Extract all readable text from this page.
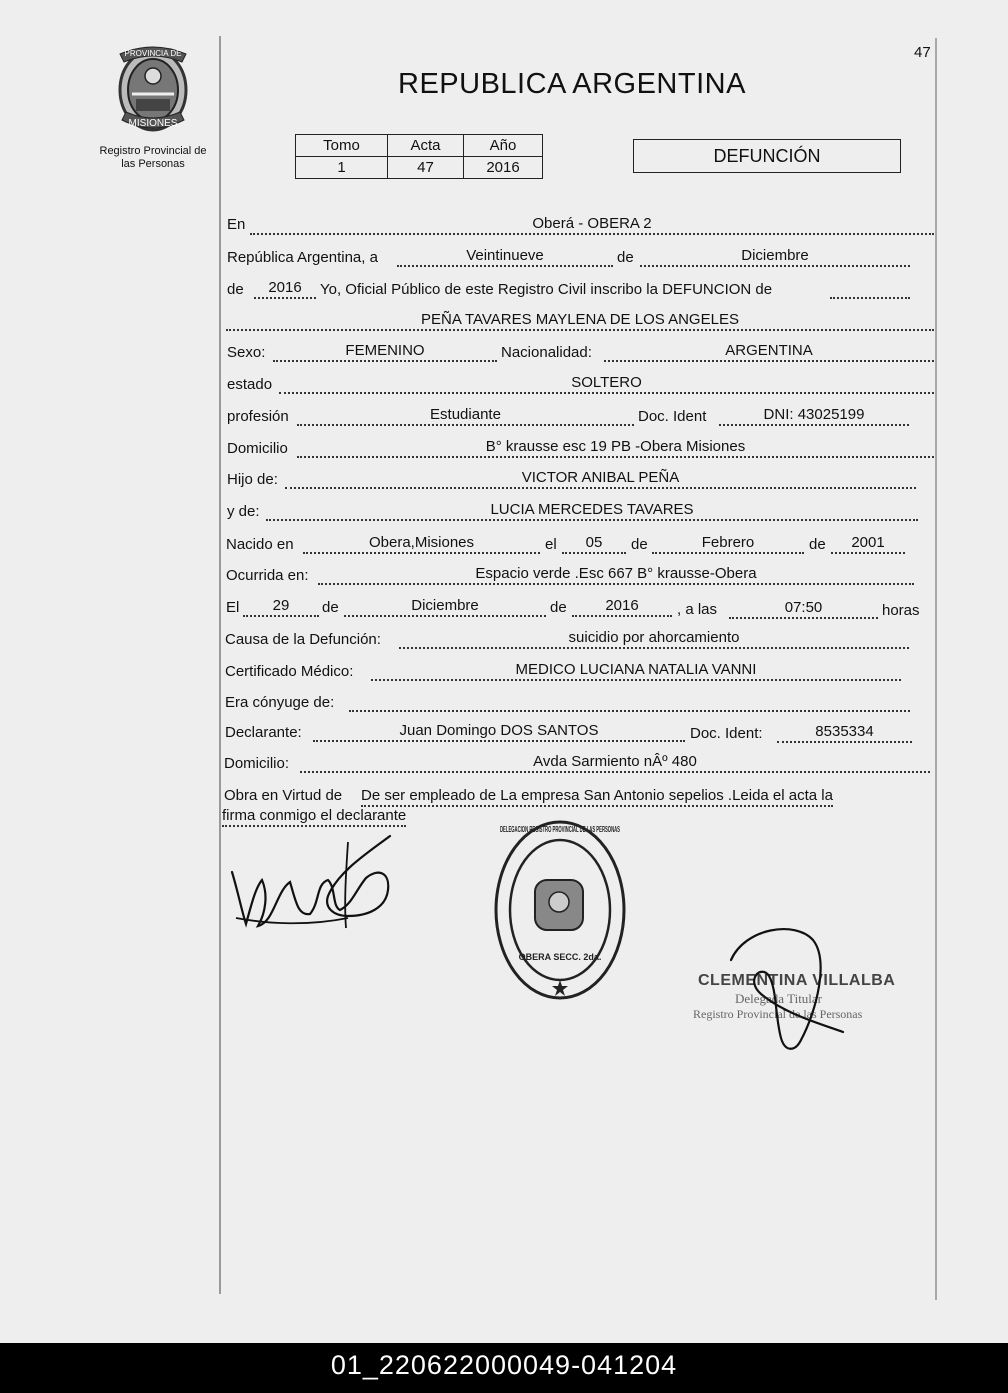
47
PROVINCIA DE
MISIONES
Registro Provincial de
las Personas
REPUBLICA ARGENTINA
Tomo	Acta	Año
1	47	2016
DEFUNCIÓN
En	Oberá - OBERA 2
República Argentina, a	Veintinueve	de	Diciembre
de	2016	Yo, Oficial Público de este Registro Civil inscribo la DEFUNCION de
PEÑA TAVARES MAYLENA DE LOS ANGELES
Sexo:	FEMENINO	Nacionalidad:	ARGENTINA
estado	SOLTERO
profesión	Estudiante	Doc. Ident	DNI: 43025199
Domicilio	B° krausse esc 19 PB -Obera Misiones
Hijo de:	VICTOR ANIBAL PEÑA
y de:	LUCIA MERCEDES TAVARES
Nacido en	Obera,Misiones	el	05	de	Febrero	de	2001
Ocurrida en:	Espacio verde .Esc 667 B° krausse-Obera
El	29	de	Diciembre	de	2016	, a las	07:50	horas
Causa de la Defunción:	suicidio por ahorcamiento
Certificado Médico:	MEDICO LUCIANA NATALIA VANNI
Era cónyuge de:
Declarante:	Juan Domingo DOS SANTOS	Doc. Ident:	8535334
Domicilio:	Avda Sarmiento nÂº 480
Obra en Virtud de De ser empleado de La empresa San Antonio sepelios .Leida el acta la
firma conmigo el declarante
OBERA SECC. 2da.
DELEGACION REGISTRO PROVINCIAL DE LAS PERSONAS
CLEMENTINA VILLALBA
Delegada Titular
Registro Provincial de las Personas
01_220622000049-041204
